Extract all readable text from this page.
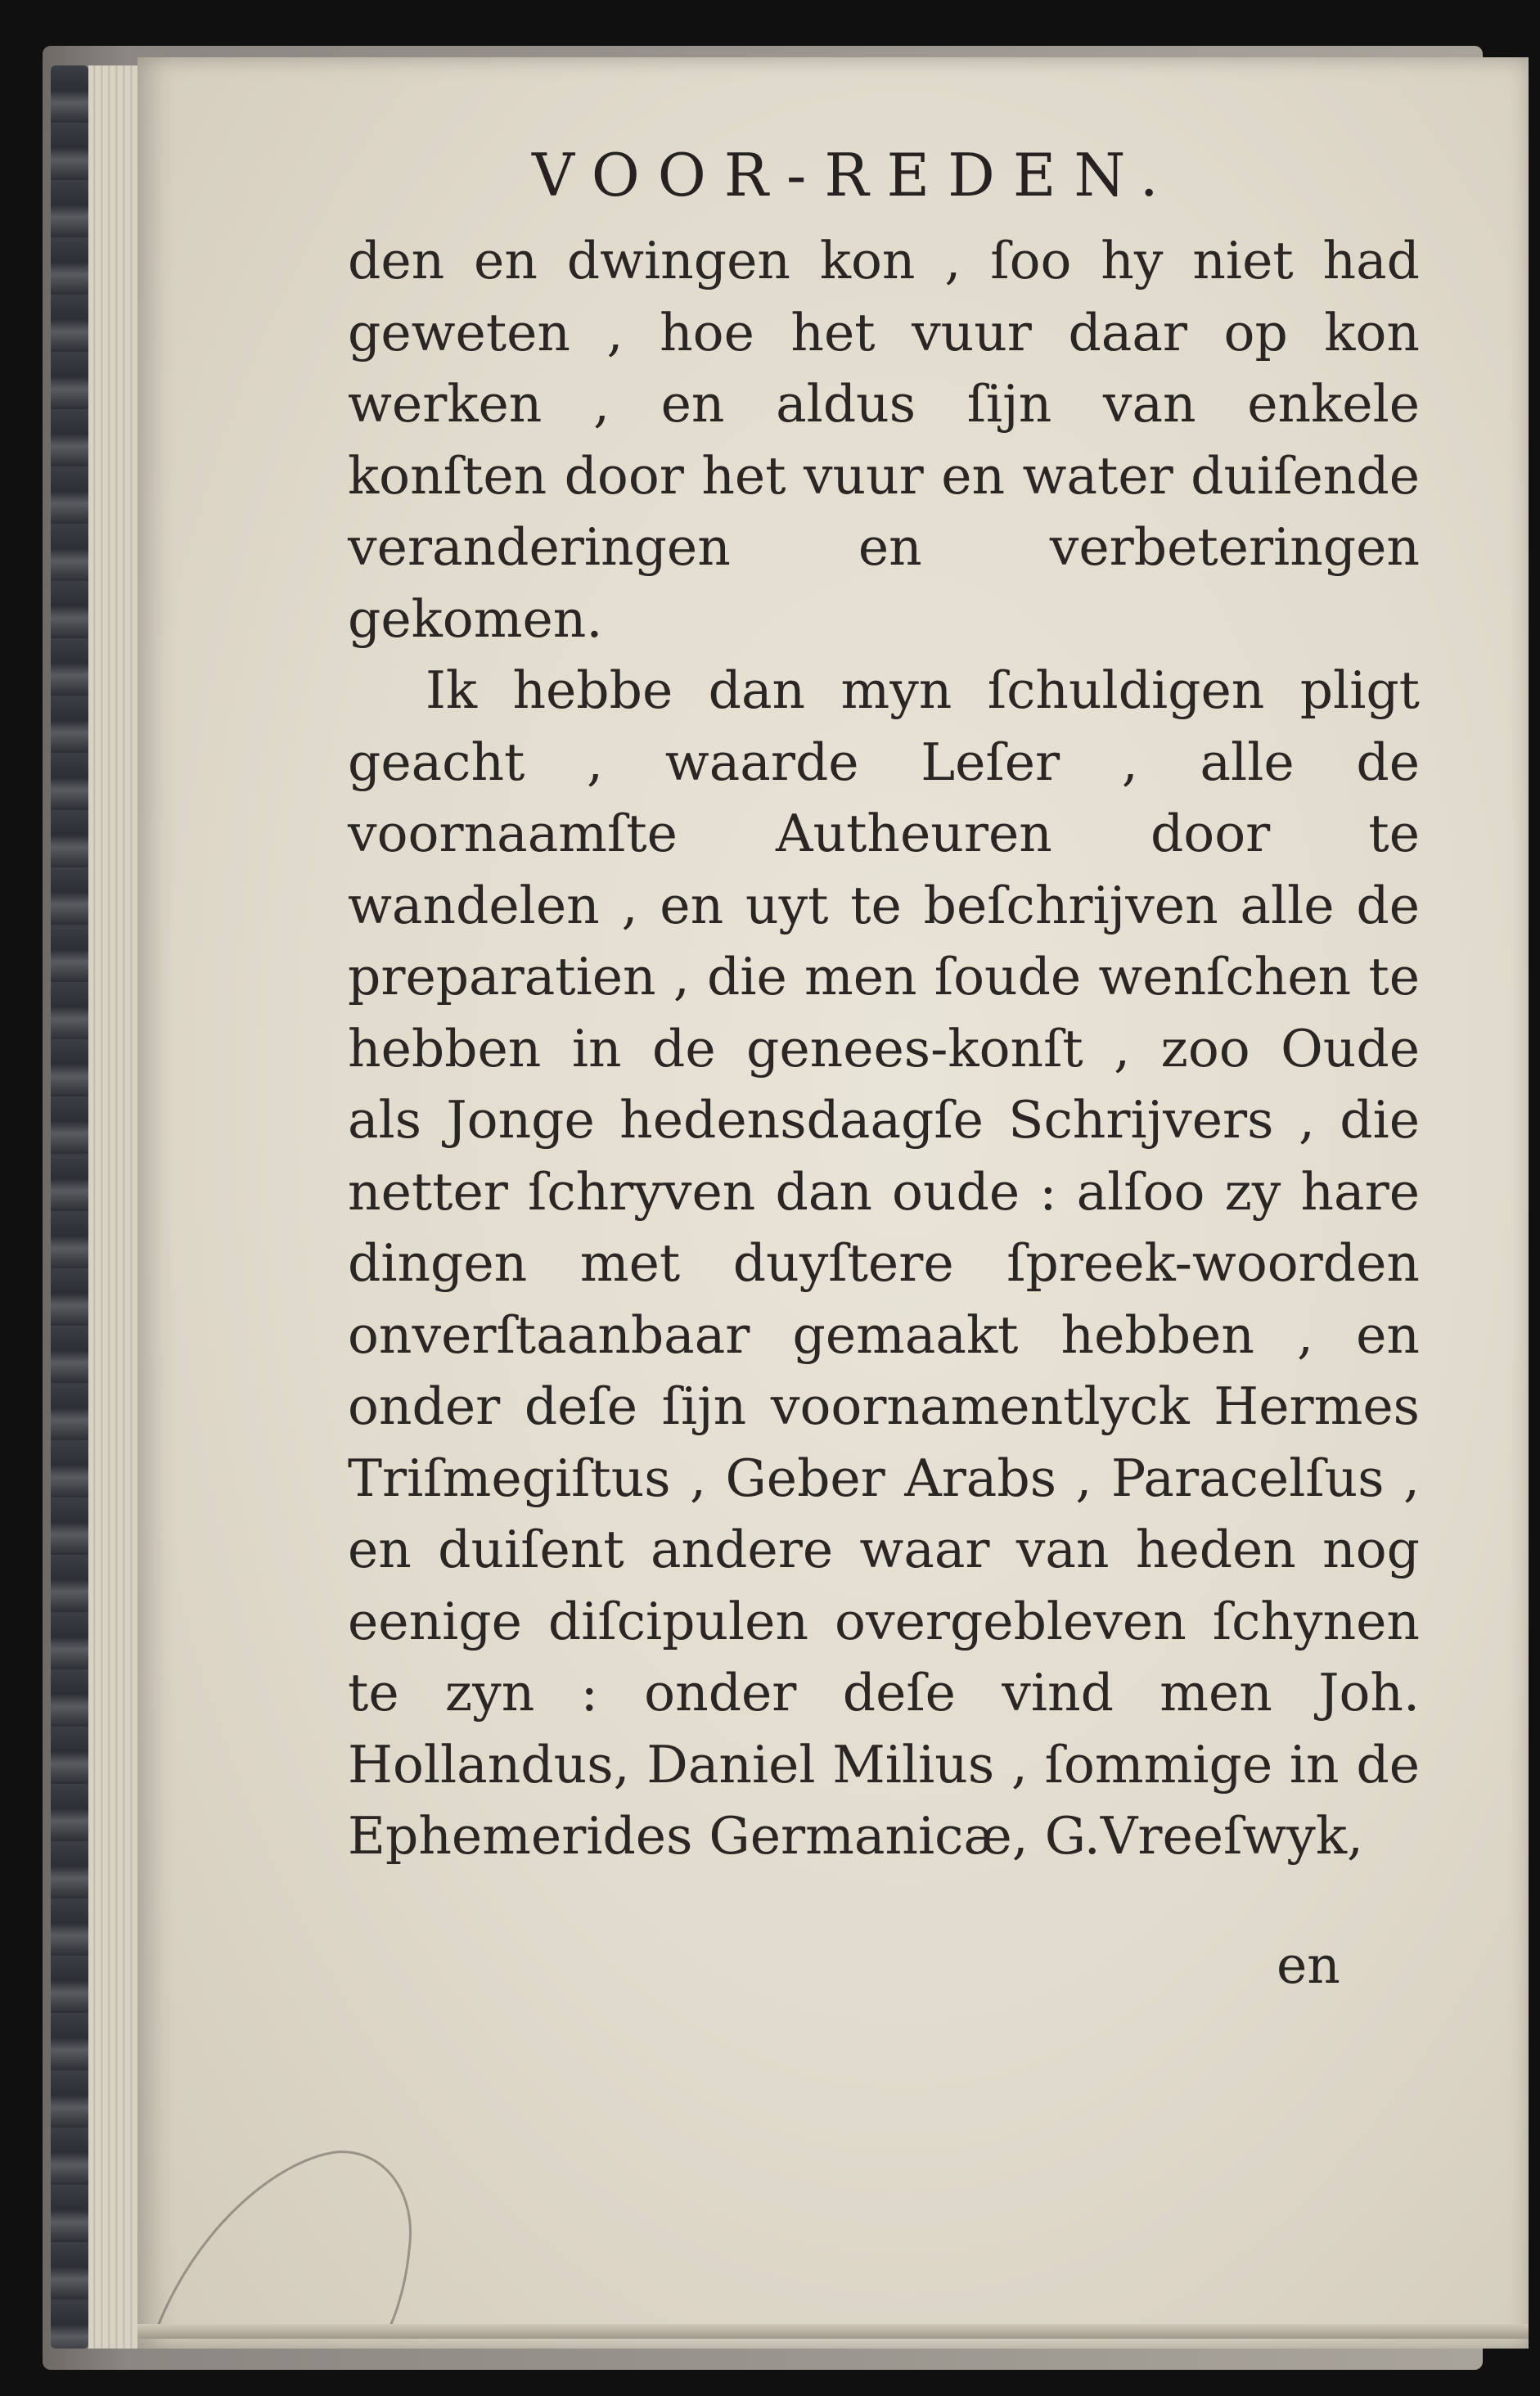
VOOR-REDEN.

den en dwingen kon , ſoo hy niet had geweten , hoe het vuur daar op kon werken , en aldus ſijn van enkele konſten door het vuur en water duiſende veranderingen en verbeteringen gekomen.

Ik hebbe dan myn ſchuldigen pligt geacht , waarde Leſer , alle de voornaamſte Autheuren door te wandelen , en uyt te beſchrijven alle de preparatien , die men ſoude wenſchen te hebben in de genees-konſt , zoo Oude als Jonge hedensdaagſe Schrijvers , die netter ſchryven dan oude : alſoo zy hare dingen met duyſtere ſpreek-woorden onverſtaanbaar gemaakt hebben , en onder deſe ſijn voornamentlyck Hermes Triſmegiſtus , Geber Arabs , Paracelſus , en duiſent andere waar van heden nog eenige diſcipulen overgebleven ſchynen te zyn : onder deſe vind men Joh. Hollandus, Daniel Milius , ſommige in de Ephemerides Germanicæ, G.Vreeſwyk,

en
